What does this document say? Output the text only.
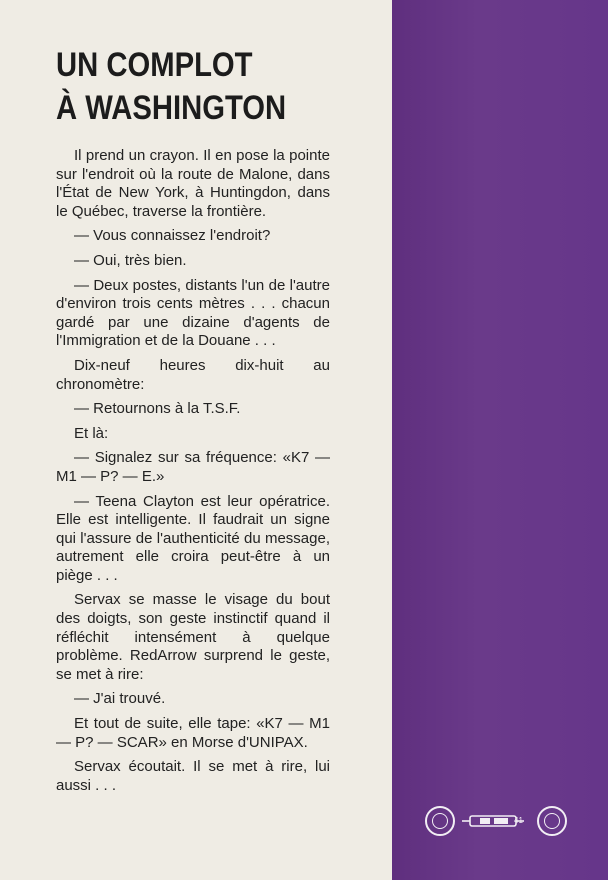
UN COMPLOT
À WASHINGTON

Il prend un crayon. Il en pose la pointe sur l'endroit où la route de Malone, dans l'État de New York, à Huntingdon, dans le Québec, traverse la frontière.

— Vous connaissez l'endroit?

— Oui, très bien.

— Deux postes, distants l'un de l'autre d'environ trois cents mètres . . . chacun gardé par une dizaine d'agents de l'Immigration et de la Douane . . .

Dix-neuf heures dix-huit au chronomètre:

— Retournons à la T.S.F.

Et là:

— Signalez sur sa fréquence: «K7 — M1 — P? — E.»

— Teena Clayton est leur opératrice. Elle est intelligente. Il faudrait un signe qui l'assure de l'authenticité du message, autrement elle croira peut-être à un piège . . .

Servax se masse le visage du bout des doigts, son geste instinctif quand il réfléchit intensément à quelque problème. RedArrow surprend le geste, se met à rire:

— J'ai trouvé.

Et tout de suite, elle tape: «K7 — M1 — P? — SCAR» en Morse d'UNIPAX.

Servax écoutait. Il se met à rire, lui aussi . . .

41
